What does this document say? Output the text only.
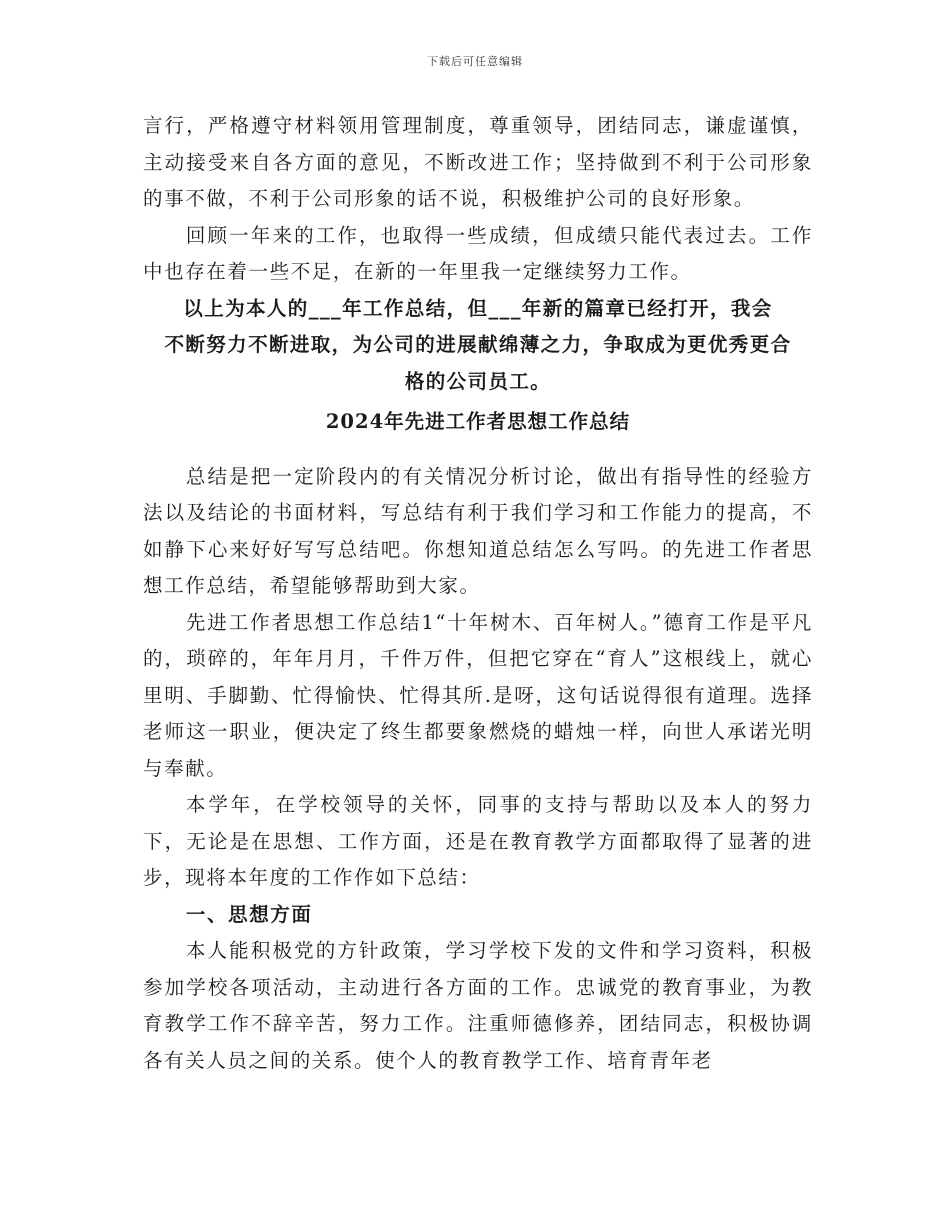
下载后可任意编辑

言行，严格遵守材料领用管理制度，尊重领导，团结同志，谦虚谨慎，主动接受来自各方面的意见，不断改进工作；坚持做到不利于公司形象的事不做，不利于公司形象的话不说，积极维护公司的良好形象。

回顾一年来的工作，也取得一些成绩，但成绩只能代表过去。工作中也存在着一些不足，在新的一年里我一定继续努力工作。

以上为本人的___年工作总结，但___年新的篇章已经打开，我会

不断努力不断进取，为公司的进展献绵薄之力，争取成为更优秀更合

格的公司员工。

2024年先进工作者思想工作总结

总结是把一定阶段内的有关情况分析讨论，做出有指导性的经验方法以及结论的书面材料，写总结有利于我们学习和工作能力的提高，不如静下心来好好写写总结吧。你想知道总结怎么写吗。的先进工作者思想工作总结，希望能够帮助到大家。

先进工作者思想工作总结1“十年树木、百年树人。”德育工作是平凡的，琐碎的，年年月月，千件万件，但把它穿在“育人”这根线上，就心里明、手脚勤、忙得愉快、忙得其所.是呀，这句话说得很有道理。选择老师这一职业，便决定了终生都要象燃烧的蜡烛一样，向世人承诺光明与奉献。

本学年，在学校领导的关怀，同事的支持与帮助以及本人的努力下，无论是在思想、工作方面，还是在教育教学方面都取得了显著的进步，现将本年度的工作作如下总结：

一、思想方面

本人能积极党的方针政策，学习学校下发的文件和学习资料，积极参加学校各项活动，主动进行各方面的工作。忠诚党的教育事业，为教育教学工作不辞辛苦，努力工作。注重师德修养，团结同志，积极协调各有关人员之间的关系。使个人的教育教学工作、培育青年老
